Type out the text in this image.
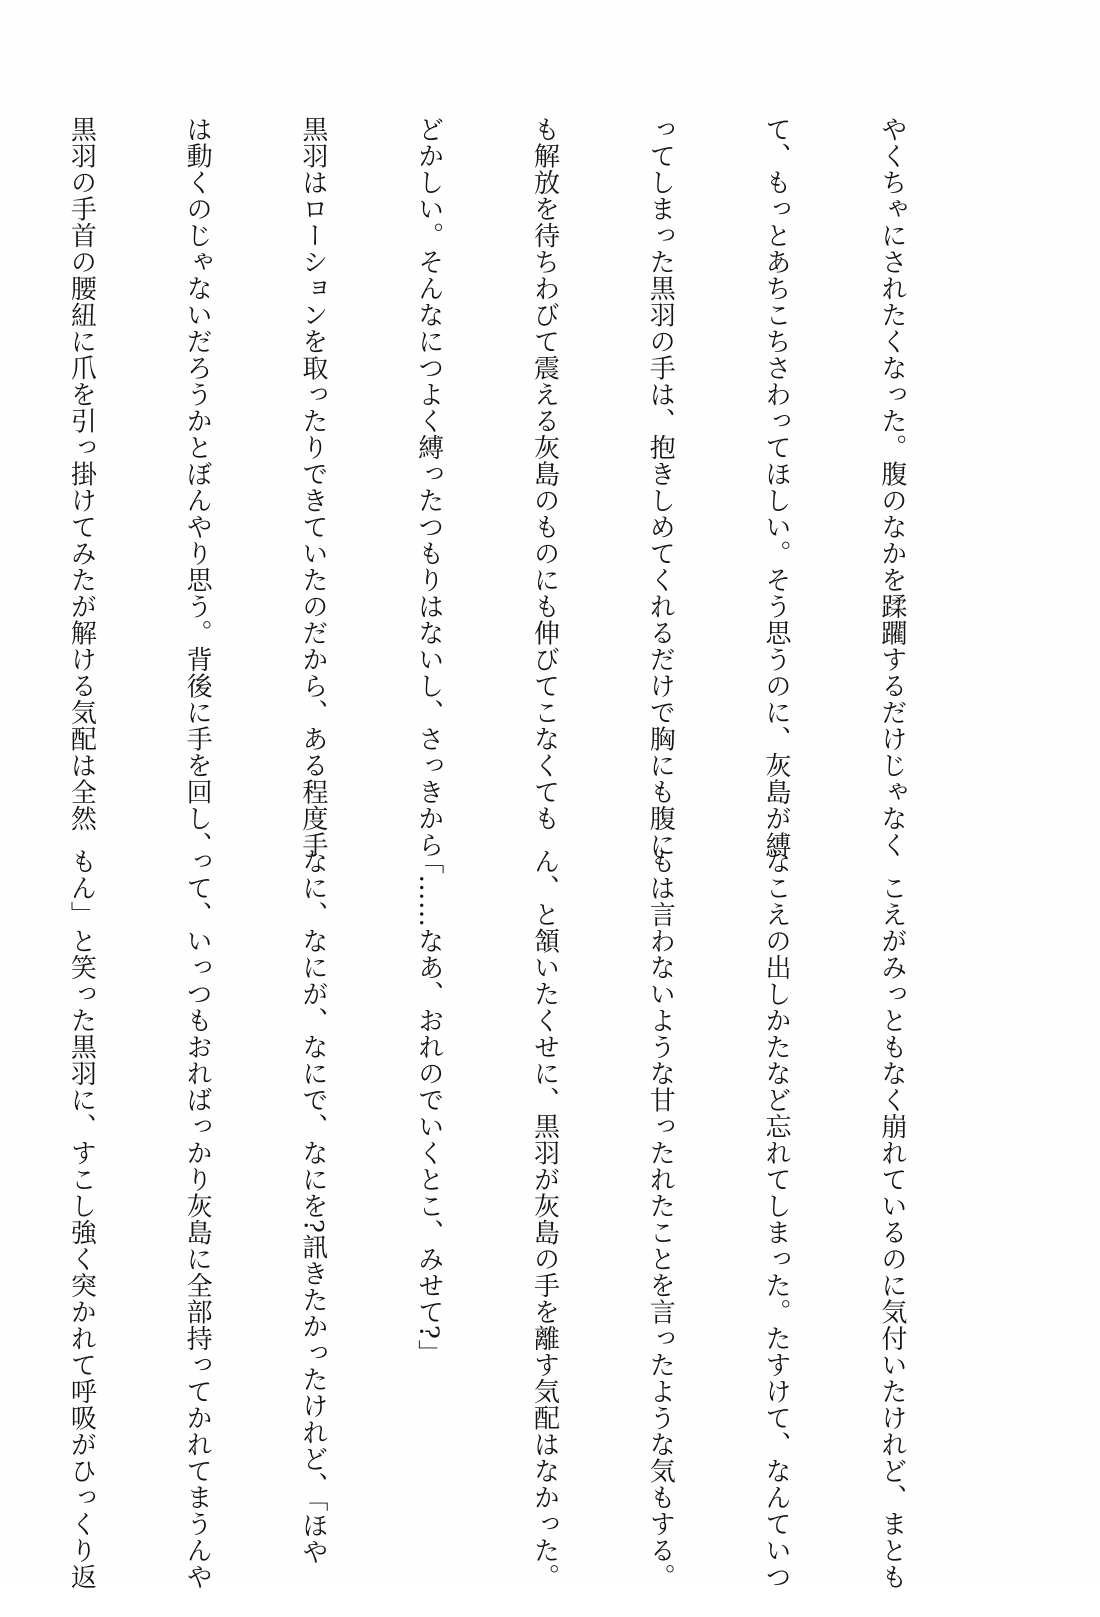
やくちゃにされたくなった。腹のなかを蹂躙するだけじゃなく

て、もっとあちこちさわってほしい。そう思うのに、灰島が縛

ってしまった黒羽の手は、抱きしめてくれるだけで胸にも腹に

も解放を待ちわびて震える灰島のものにも伸びてこなくても

どかしい。そんなにつよく縛ったつもりはないし、さっきから

黒羽はローションを取ったりできていたのだから、ある程度手

は動くのじゃないだろうかとぼんやり思う。背後に手を回し、

黒羽の手首の腰紐に爪を引っ掛けてみたが解ける気配は全然

　こえがみっともなく崩れているのに気付いたけれど、まとも

なこえの出しかたなど忘れてしまった。たすけて、なんていつ

もは言わないような甘ったれたことを言ったような気もする。

ん、と頷いたくせに、黒羽が灰島の手を離す気配はなかった。

「……なあ、おれのでいくとこ、みせて?」

なに、なにが、なにで、なにを?訊きたかったけれど、「ほや

って、いっつもおればっかり灰島に全部持ってかれてまうんや

もん」と笑った黒羽に、すこし強く突かれて呼吸がひっくり返
